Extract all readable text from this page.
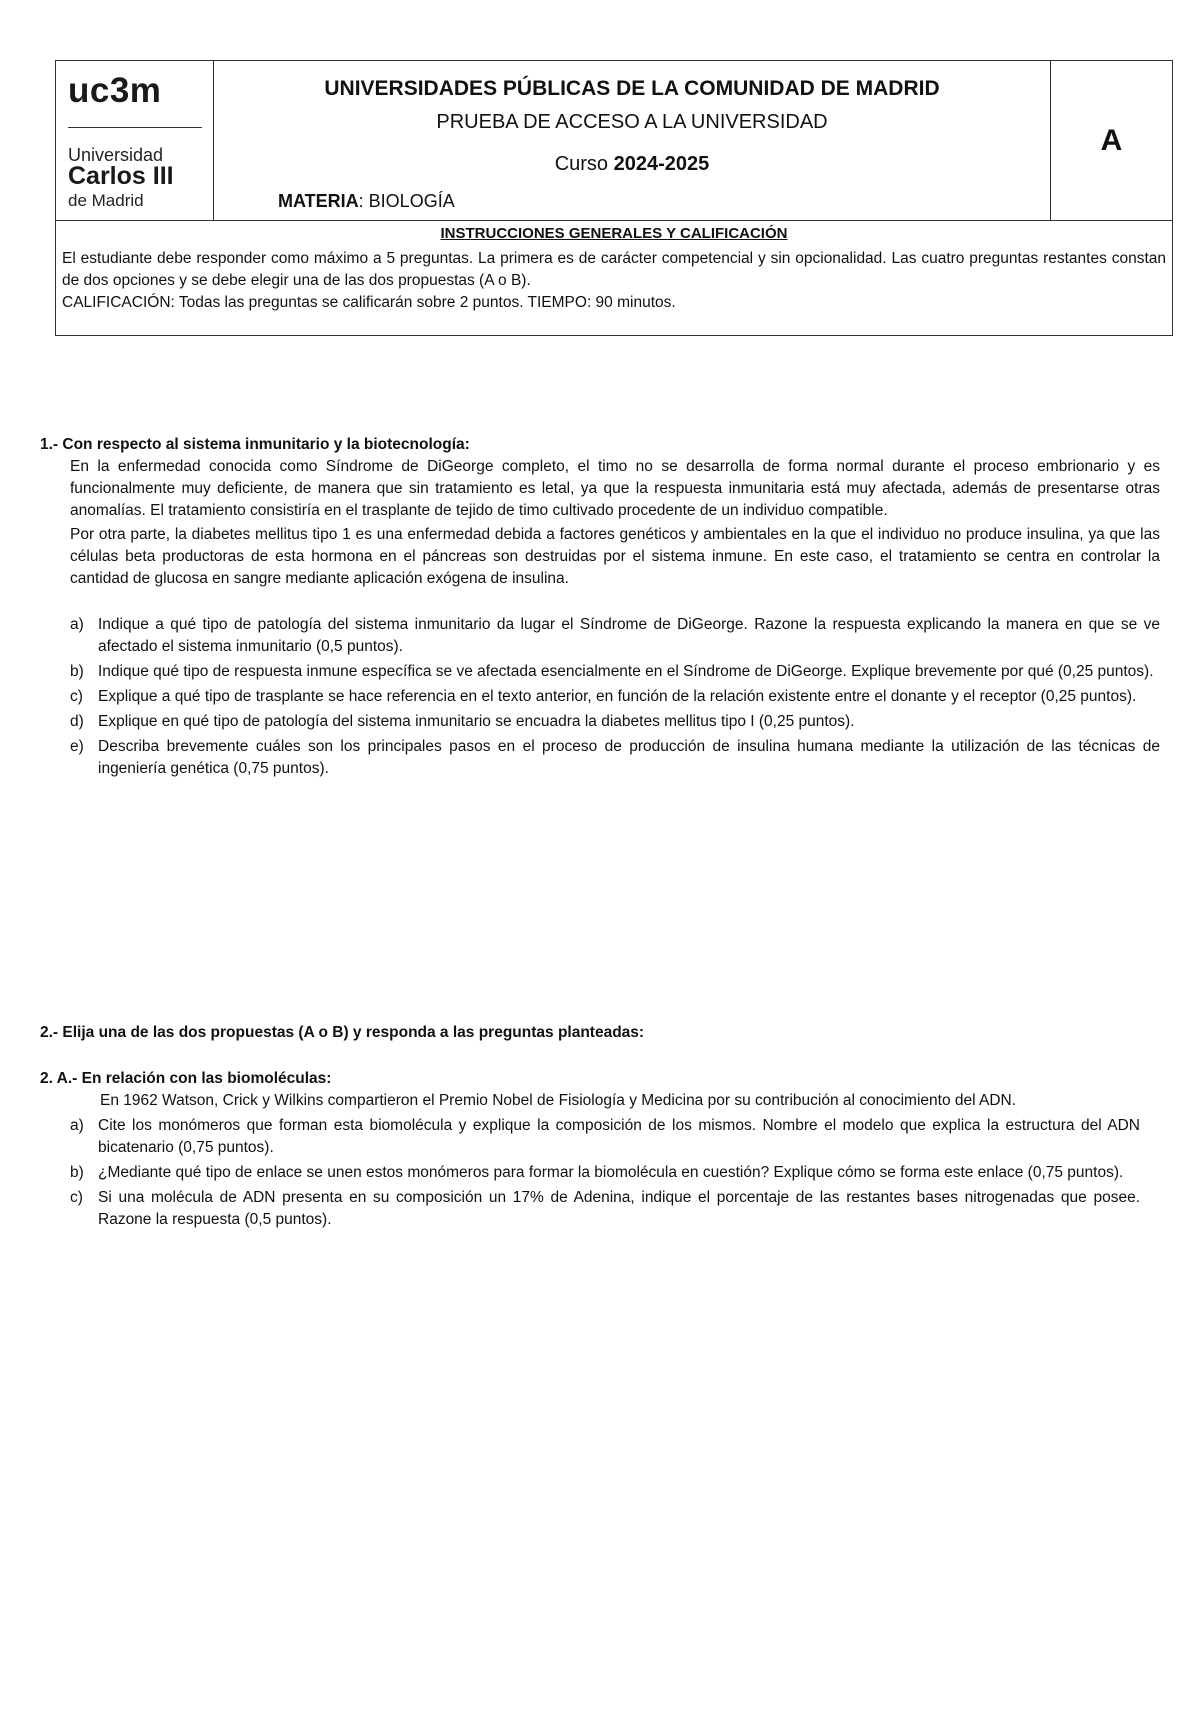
uc3m
Universidad
Carlos III
de Madrid
UNIVERSIDADES PÚBLICAS DE LA COMUNIDAD DE MADRID
PRUEBA DE ACCESO A LA UNIVERSIDAD
Curso 2024-2025
MATERIA: BIOLOGÍA
A
INSTRUCCIONES GENERALES Y CALIFICACIÓN
El estudiante debe responder como máximo a 5 preguntas. La primera es de carácter competencial y sin opcionalidad. Las cuatro preguntas restantes constan de dos opciones y se debe elegir una de las dos propuestas (A o B).
CALIFICACIÓN: Todas las preguntas se calificarán sobre 2 puntos. TIEMPO: 90 minutos.
1.- Con respecto al sistema inmunitario y la biotecnología:
En la enfermedad conocida como Síndrome de DiGeorge completo, el timo no se desarrolla de forma normal durante el proceso embrionario y es funcionalmente muy deficiente, de manera que sin tratamiento es letal, ya que la respuesta inmunitaria está muy afectada, además de presentarse otras anomalías. El tratamiento consistiría en el trasplante de tejido de timo cultivado procedente de un individuo compatible.
Por otra parte, la diabetes mellitus tipo 1 es una enfermedad debida a factores genéticos y ambientales en la que el individuo no produce insulina, ya que las células beta productoras de esta hormona en el páncreas son destruidas por el sistema inmune. En este caso, el tratamiento se centra en controlar la cantidad de glucosa en sangre mediante aplicación exógena de insulina.
a) Indique a qué tipo de patología del sistema inmunitario da lugar el Síndrome de DiGeorge. Razone la respuesta explicando la manera en que se ve afectado el sistema inmunitario (0,5 puntos).
b) Indique qué tipo de respuesta inmune específica se ve afectada esencialmente en el Síndrome de DiGeorge. Explique brevemente por qué (0,25 puntos).
c) Explique a qué tipo de trasplante se hace referencia en el texto anterior, en función de la relación existente entre el donante y el receptor (0,25 puntos).
d) Explique en qué tipo de patología del sistema inmunitario se encuadra la diabetes mellitus tipo I (0,25 puntos).
e) Describa brevemente cuáles son los principales pasos en el proceso de producción de insulina humana mediante la utilización de las técnicas de ingeniería genética (0,75 puntos).
2.- Elija una de las dos propuestas (A o B) y responda a las preguntas planteadas:
2. A.- En relación con las biomoléculas:
En 1962 Watson, Crick y Wilkins compartieron el Premio Nobel de Fisiología y Medicina por su contribución al conocimiento del ADN.
a) Cite los monómeros que forman esta biomolécula y explique la composición de los mismos. Nombre el modelo que explica la estructura del ADN bicatenario (0,75 puntos).
b) ¿Mediante qué tipo de enlace se unen estos monómeros para formar la biomolécula en cuestión? Explique cómo se forma este enlace (0,75 puntos).
c) Si una molécula de ADN presenta en su composición un 17% de Adenina, indique el porcentaje de las restantes bases nitrogenadas que posee. Razone la respuesta (0,5 puntos).
